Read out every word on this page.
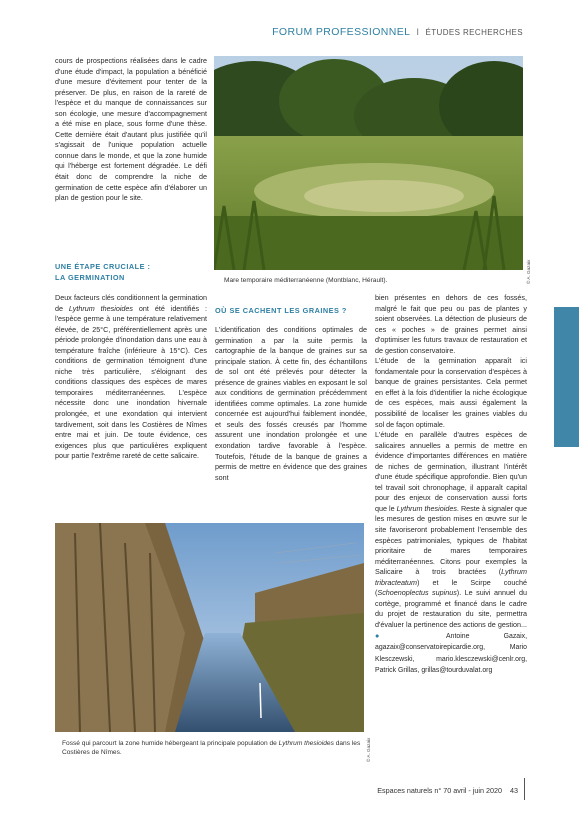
FORUM PROFESSIONNEL I ÉTUDES RECHERCHES

cours de prospections réalisées dans le cadre d'une étude d'impact, la population a bénéficié d'une mesure d'évitement pour tenter de la préserver. De plus, en raison de la rareté de l'espèce et du manque de connaissances sur son écologie, une mesure d'accompagnement a été mise en place, sous forme d'une thèse. Cette dernière était d'autant plus justifiée qu'il s'agissait de l'unique population actuelle connue dans le monde, et que la zone humide qui l'héberge est fortement dégradée. Le défi était donc de comprendre la niche de germination de cette espèce afin d'élaborer un plan de gestion pour le site.

UNE ÉTAPE CRUCIALE :
LA GERMINATION	Mare temporaire méditerranéenne (Montblanc, Hérault).	© A. Gazaix

Deux facteurs clés conditionnent la germination de Lythrum thesioides ont été identifiés : l'espèce germe à une température relativement élevée, de 25°C, préférentiellement après une période prolongée d'inondation dans une eau à température fraîche (inférieure à 15°C). Ces conditions de germination témoignent d'une niche très particulière, s'éloignant des conditions classiques des espèces de mares temporaires méditerranéennes. L'espèce nécessite donc une inondation hivernale prolongée, et une exondation qui intervient tardivement, soit dans les Costières de Nîmes entre mai et juin. De toute évidence, ces exigences plus que particulières expliquent pour partie l'extrême rareté de cette salicaire.

OÙ SE CACHENT LES GRAINES ?

L'identification des conditions optimales de germination a par la suite permis la cartographie de la banque de graines sur sa principale station. À cette fin, des échantillons de sol ont été prélevés pour détecter la présence de graines viables en exposant le sol aux conditions de germination précédemment identifiées comme optimales. La zone humide concernée est aujourd'hui faiblement inondée, et seuls des fossés creusés par l'homme assurent une inondation prolongée et une exondation tardive favorable à l'espèce. Toutefois, l'étude de la banque de graines a permis de mettre en évidence que des graines sont

bien présentes en dehors de ces fossés, malgré le fait que peu ou pas de plantes y soient observées. La détection de plusieurs de ces « poches » de graines permet ainsi d'optimiser les futurs travaux de restauration et de gestion conservatoire.

L'étude de la germination apparaît ici fondamentale pour la conservation d'espèces à banque de graines persistantes. Cela permet en effet à la fois d'identifier la niche écologique de ces espèces, mais aussi également la possibilité de localiser les graines viables du sol de façon optimale.

L'étude en parallèle d'autres espèces de salicaires annuelles a permis de mettre en évidence d'importantes différences en matière de niches de germination, illustrant l'intérêt d'une étude spécifique approfondie. Bien qu'un tel travail soit chronophage, il apparaît capital pour des enjeux de conservation aussi forts que le Lythrum thesioides. Reste à signaler que les mesures de gestion mises en œuvre sur le site favoriseront probablement l'ensemble des espèces patrimoniales, typiques de l'habitat prioritaire de mares temporaires méditerranéennes. Citons pour exemples la Salicaire à trois bractées (Lythrum tribracteatum) et le Scirpe couché (Schoenoplectus supinus). Le suivi annuel du cortège, programmé et financé dans le cadre du projet de restauration du site, permettra d'évaluer la pertinence des actions de gestion... ●	Antoine Gazaix, agazaix@conservatoirepicardie.org, Mario Klesczewski, mario.klesczewski@cenlr.org, Patrick Grillas, grillas@tourduvalat.org

Fossé qui parcourt la zone humide hébergeant la principale population de Lythrum thesioides dans les Costières de Nîmes.	© A. Gazaix
Espaces naturels n° 70 avril - juin 2020 43
